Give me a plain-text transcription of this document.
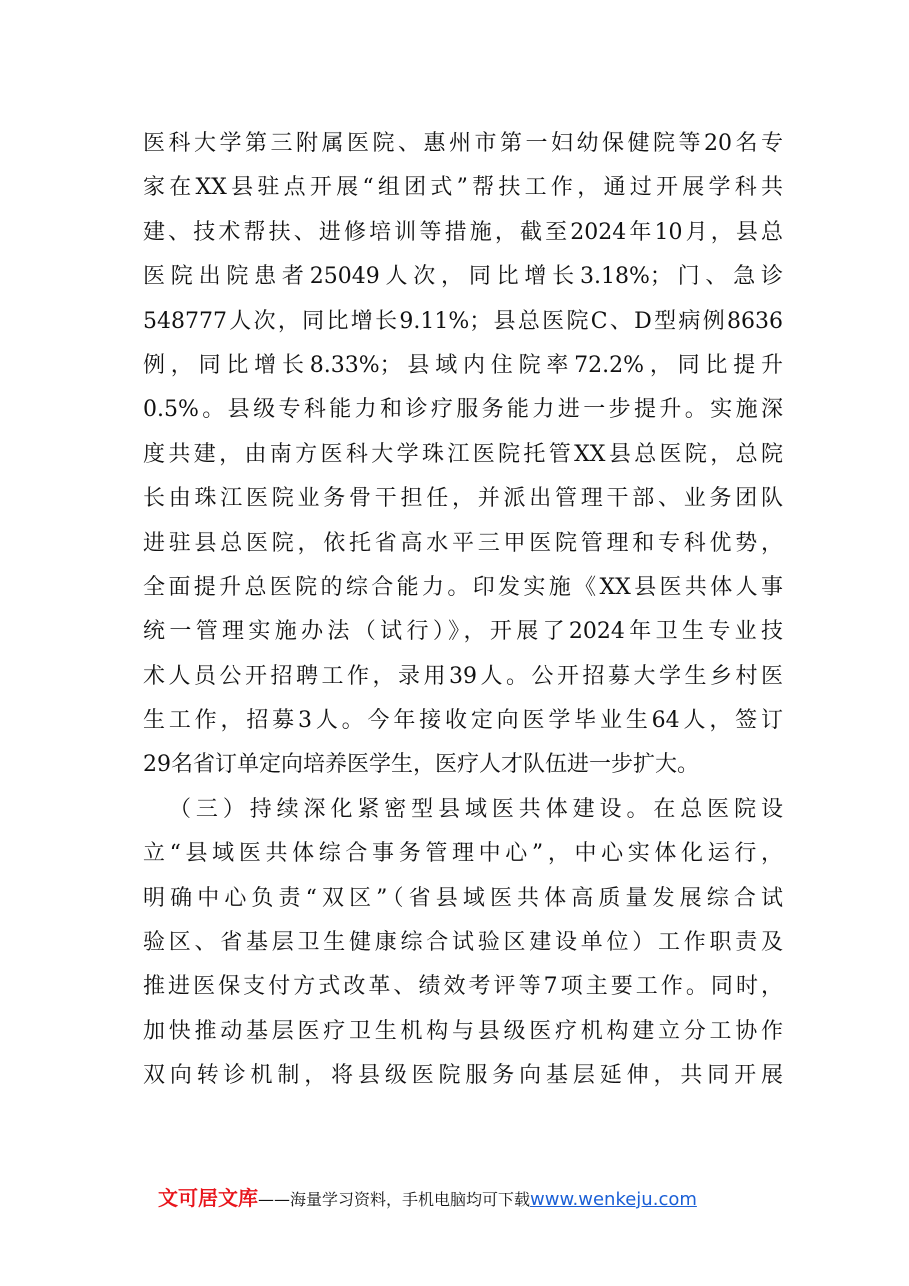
医科大学第三附属医院、惠州市第一妇幼保健院等20名专
家在XX县驻点开展“组团式”帮扶工作，通过开展学科共
建、技术帮扶、进修培训等措施，截至2024年10月，县总
医院出院患者25049人次，同比增长3.18%；门、急诊
548777人次，同比增长9.11%；县总医院C、D型病例8636
例，同比增长8.33%；县域内住院率72.2%，同比提升
0.5%。县级专科能力和诊疗服务能力进一步提升。实施深
度共建，由南方医科大学珠江医院托管XX县总医院，总院
长由珠江医院业务骨干担任，并派出管理干部、业务团队
进驻县总医院，依托省高水平三甲医院管理和专科优势，
全面提升总医院的综合能力。印发实施《XX县医共体人事
统一管理实施办法（试行）》，开展了2024年卫生专业技
术人员公开招聘工作，录用39人。公开招募大学生乡村医
生工作，招募3人。今年接收定向医学毕业生64人，签订
29名省订单定向培养医学生，医疗人才队伍进一步扩大。
（三）持续深化紧密型县域医共体建设。在总医院设
立“县域医共体综合事务管理中心”，中心实体化运行，
明确中心负责“双区”（省县域医共体高质量发展综合试
验区、省基层卫生健康综合试验区建设单位）工作职责及
推进医保支付方式改革、绩效考评等7项主要工作。同时，
加快推动基层医疗卫生机构与县级医疗机构建立分工协作
双向转诊机制，将县级医院服务向基层延伸，共同开展
文可居文库 ——海量学习资料，手机电脑均可下载 www.wenkeju.com
